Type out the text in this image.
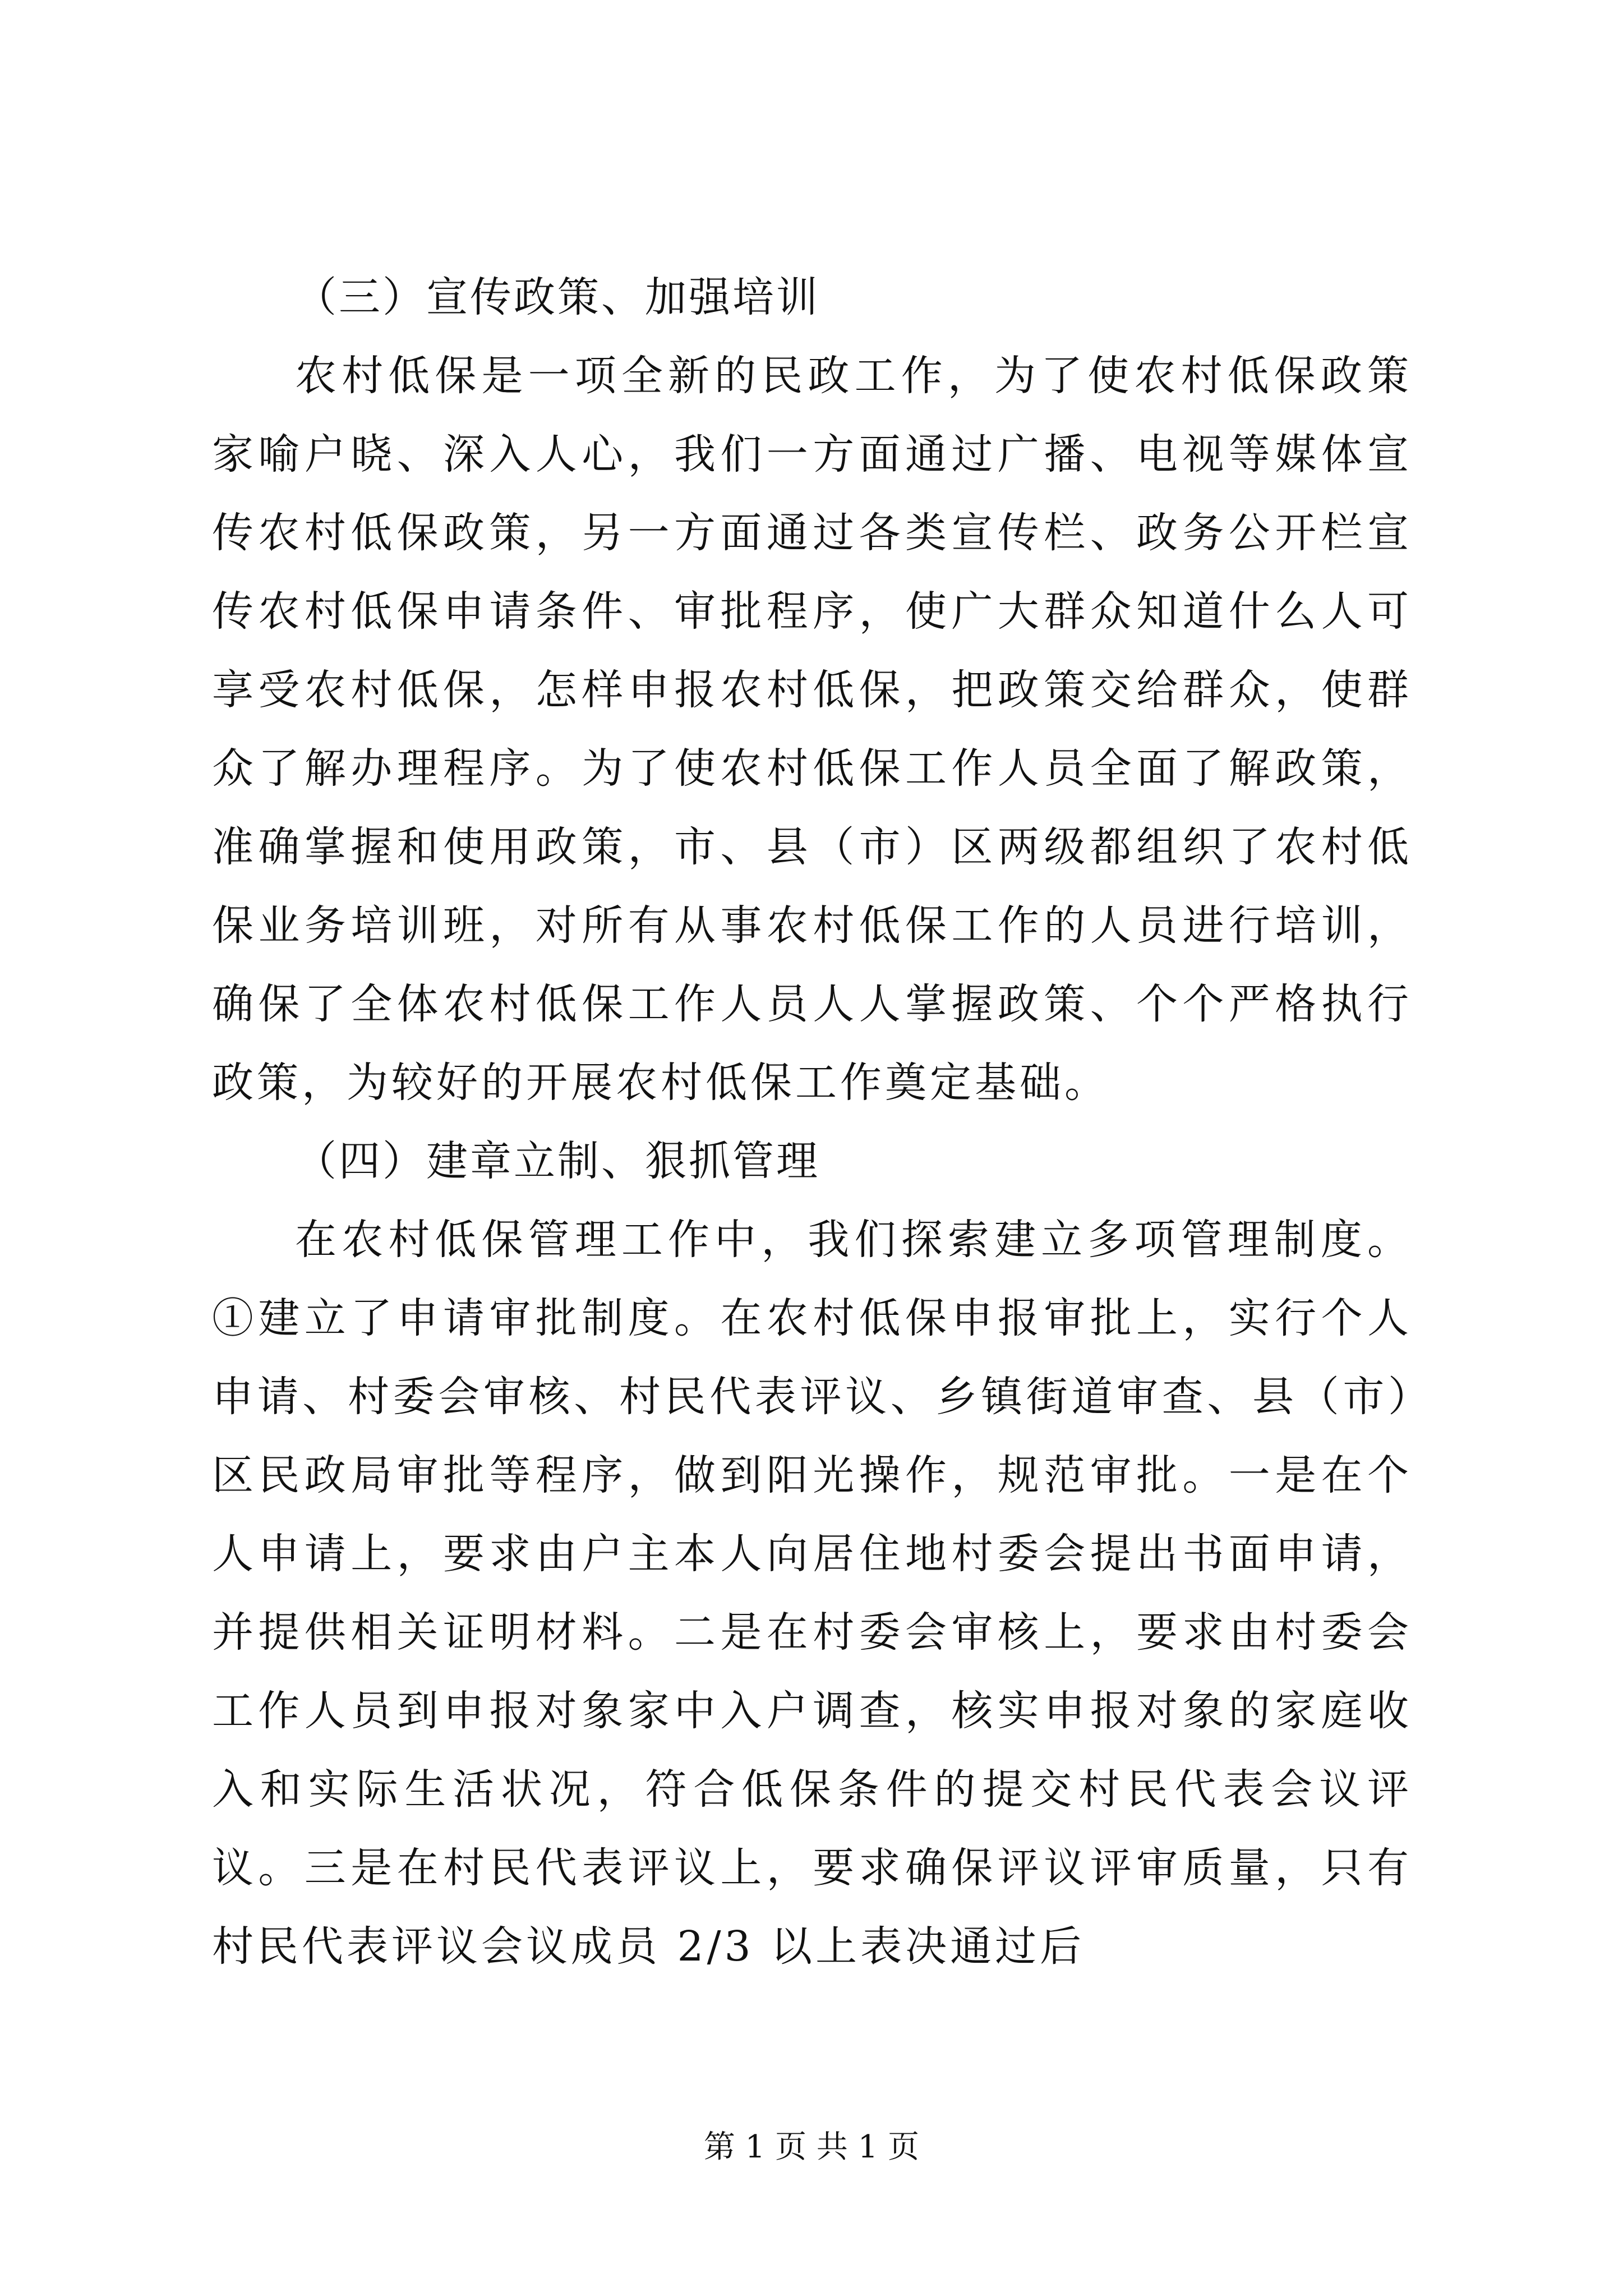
（三）宣传政策、加强培训

农村低保是一项全新的民政工作，为了使农村低保政策家喻户晓、深入人心，我们一方面通过广播、电视等媒体宣传农村低保政策，另一方面通过各类宣传栏、政务公开栏宣传农村低保申请条件、审批程序，使广大群众知道什么人可享受农村低保，怎样申报农村低保，把政策交给群众，使群众了解办理程序。为了使农村低保工作人员全面了解政策，准确掌握和使用政策，市、县（市）区两级都组织了农村低保业务培训班，对所有从事农村低保工作的人员进行培训，确保了全体农村低保工作人员人人掌握政策、个个严格执行政策，为较好的开展农村低保工作奠定基础。

（四）建章立制、狠抓管理

在农村低保管理工作中，我们探索建立多项管理制度。①建立了申请审批制度。在农村低保申报审批上，实行个人申请、村委会审核、村民代表评议、乡镇街道审查、县（市）区民政局审批等程序，做到阳光操作，规范审批。一是在个人申请上，要求由户主本人向居住地村委会提出书面申请，并提供相关证明材料。二是在村委会审核上，要求由村委会工作人员到申报对象家中入户调查，核实申报对象的家庭收入和实际生活状况，符合低保条件的提交村民代表会议评议。三是在村民代表评议上，要求确保评议评审质量，只有村民代表评议会议成员 2/3 以上表决通过后

第 1 页 共 1 页
